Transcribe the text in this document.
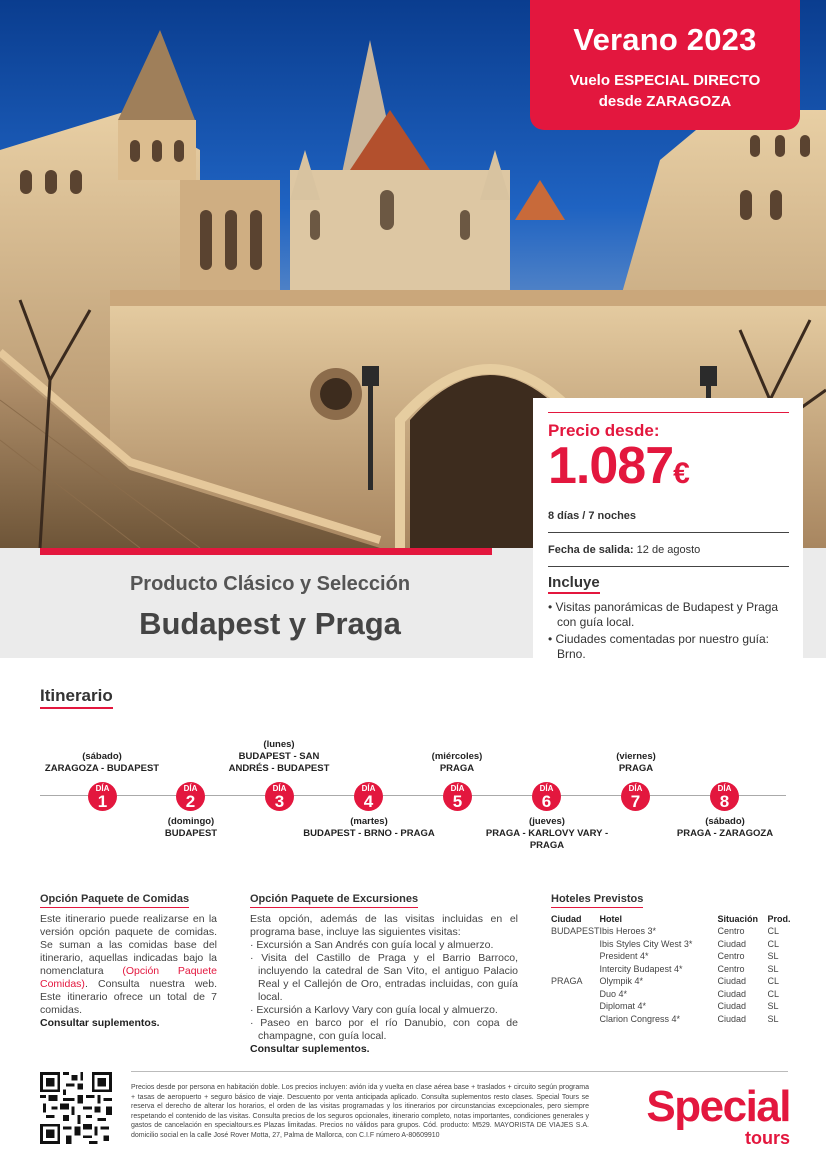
Verano 2023
Vuelo ESPECIAL DIRECTO
desde ZARAGOZA
Producto Clásico y Selección
Budapest y Praga
Precio desde:
1.087€
8 días / 7 noches
Fecha de salida: 12 de agosto
Incluye
• Visitas panorámicas de Budapest y Praga con guía local.
• Ciudades comentadas por nuestro guía: Brno.
Itinerario
(sábado)
ZARAGOZA - BUDAPEST
(lunes)
BUDAPEST - SAN ANDRÉS - BUDAPEST
(miércoles)
PRAGA
(viernes)
PRAGA
DÍA
1
DÍA
2
DÍA
3
DÍA
4
DÍA
5
DÍA
6
DÍA
7
DÍA
8
(domingo)
BUDAPEST
(martes)
BUDAPEST - BRNO - PRAGA
(jueves)
PRAGA - KARLOVY VARY - PRAGA
(sábado)
PRAGA - ZARAGOZA
Opción Paquete de Comidas
Este itinerario puede realizarse en la versión opción paquete de comidas. Se suman a las comidas base del itinerario, aquellas indicadas bajo la nomenclatura (Opción Paquete Comidas). Consulta nuestra web. Este itinerario ofrece un total de 7 comidas.
Consultar suplementos.
Opción Paquete de Excursiones
Esta opción, además de las visitas incluidas en el programa base, incluye las siguientes visitas:
· Excursión a San Andrés con guía local y almuerzo.
· Visita del Castillo de Praga y el Barrio Barroco, incluyendo la catedral de San Vito, el antiguo Palacio Real y el Callejón de Oro, entradas incluidas, con guía local.
· Excursión a Karlovy Vary con guía local y almuerzo.
· Paseo en barco por el río Danubio, con copa de champagne, con guía local.
Consultar suplementos.
Hoteles Previstos
Ciudad	Hotel	Situación	Prod.
BUDAPEST	Ibis Heroes 3*	Centro	CL
	Ibis Styles City West 3*	Ciudad	CL
	President 4*	Centro	SL
	Intercity Budapest 4*	Centro	SL
PRAGA	Olympik 4*	Ciudad	CL
	Duo 4*	Ciudad	CL
	Diplomat 4*	Ciudad	SL
	Clarion Congress 4*	Ciudad	SL
Precios desde por persona en habitación doble. Los precios incluyen: avión ida y vuelta en clase aérea base + traslados + circuito según programa + tasas de aeropuerto + seguro básico de viaje. Descuento por venta anticipada aplicado. Consulta suplementos resto clases. Special Tours se reserva el derecho de alterar los horarios, el orden de las visitas programadas y los itinerarios por circunstancias excepcionales, pero siempre respetando el contenido de las visitas. Consulta precios de los seguros opcionales, itinerario completo, notas importantes, condiciones generales y gastos de cancelación en specialtours.es Plazas limitadas. Precios no válidos para grupos. Cód. producto: M529. MAYORISTA DE VIAJES S.A. domicilio social en la calle José Rover Motta, 27, Palma de Mallorca, con C.I.F número A-80609910
Special
tours
